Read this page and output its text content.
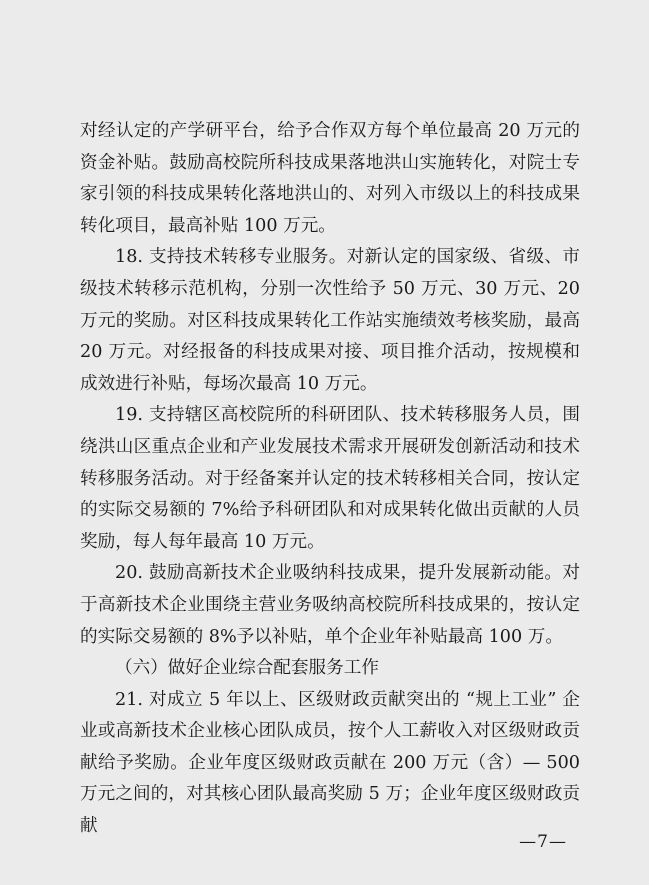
对经认定的产学研平台，给予合作双方每个单位最高 20 万元的资金补贴。鼓励高校院所科技成果落地洪山实施转化，对院士专家引领的科技成果转化落地洪山的、对列入市级以上的科技成果转化项目，最高补贴 100 万元。

18. 支持技术转移专业服务。对新认定的国家级、省级、市级技术转移示范机构，分别一次性给予 50 万元、30 万元、20 万元的奖励。对区科技成果转化工作站实施绩效考核奖励，最高 20 万元。对经报备的科技成果对接、项目推介活动，按规模和成效进行补贴，每场次最高 10 万元。

19. 支持辖区高校院所的科研团队、技术转移服务人员，围绕洪山区重点企业和产业发展技术需求开展研发创新活动和技术转移服务活动。对于经备案并认定的技术转移相关合同，按认定的实际交易额的 7%给予科研团队和对成果转化做出贡献的人员奖励，每人每年最高 10 万元。

20. 鼓励高新技术企业吸纳科技成果，提升发展新动能。对于高新技术企业围绕主营业务吸纳高校院所科技成果的，按认定的实际交易额的 8%予以补贴，单个企业年补贴最高 100 万。

（六）做好企业综合配套服务工作

21. 对成立 5 年以上、区级财政贡献突出的 “规上工业” 企业或高新技术企业核心团队成员，按个人工薪收入对区级财政贡献给予奖励。企业年度区级财政贡献在 200 万元（含）— 500 万元之间的，对其核心团队最高奖励 5 万；企业年度区级财政贡献

—7—
